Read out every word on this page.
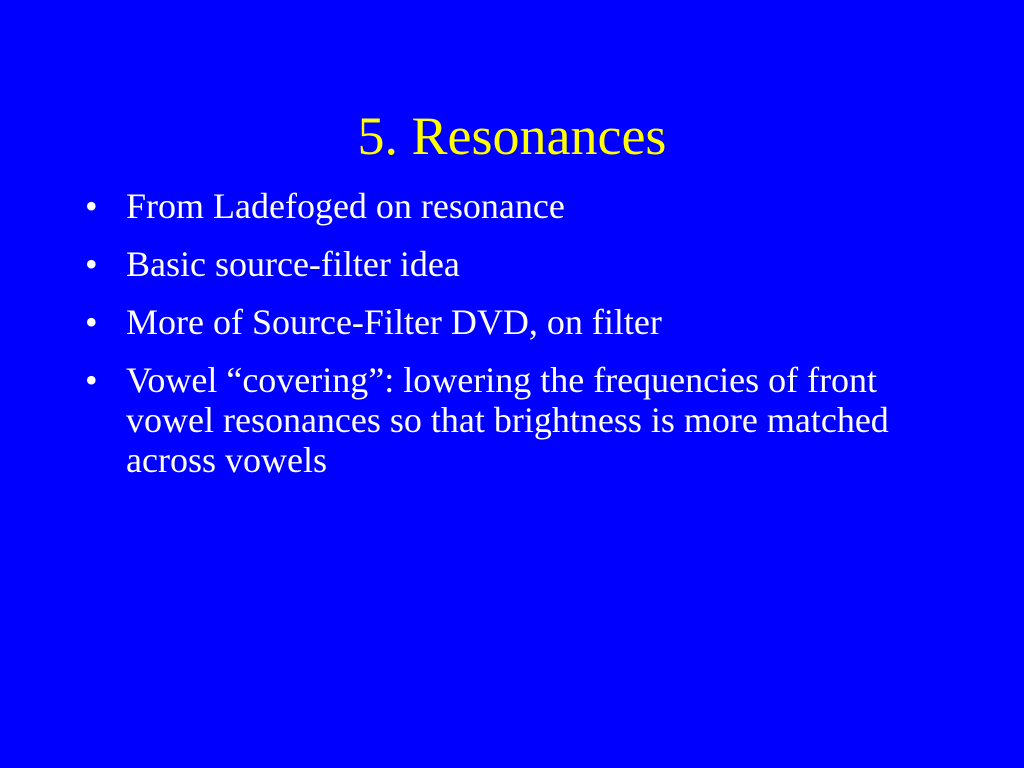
5. Resonances
• From Ladefoged on resonance
• Basic source-filter idea
• More of Source-Filter DVD, on filter
• Vowel “covering”: lowering the frequencies of front vowel resonances so that brightness is more matched across vowels
